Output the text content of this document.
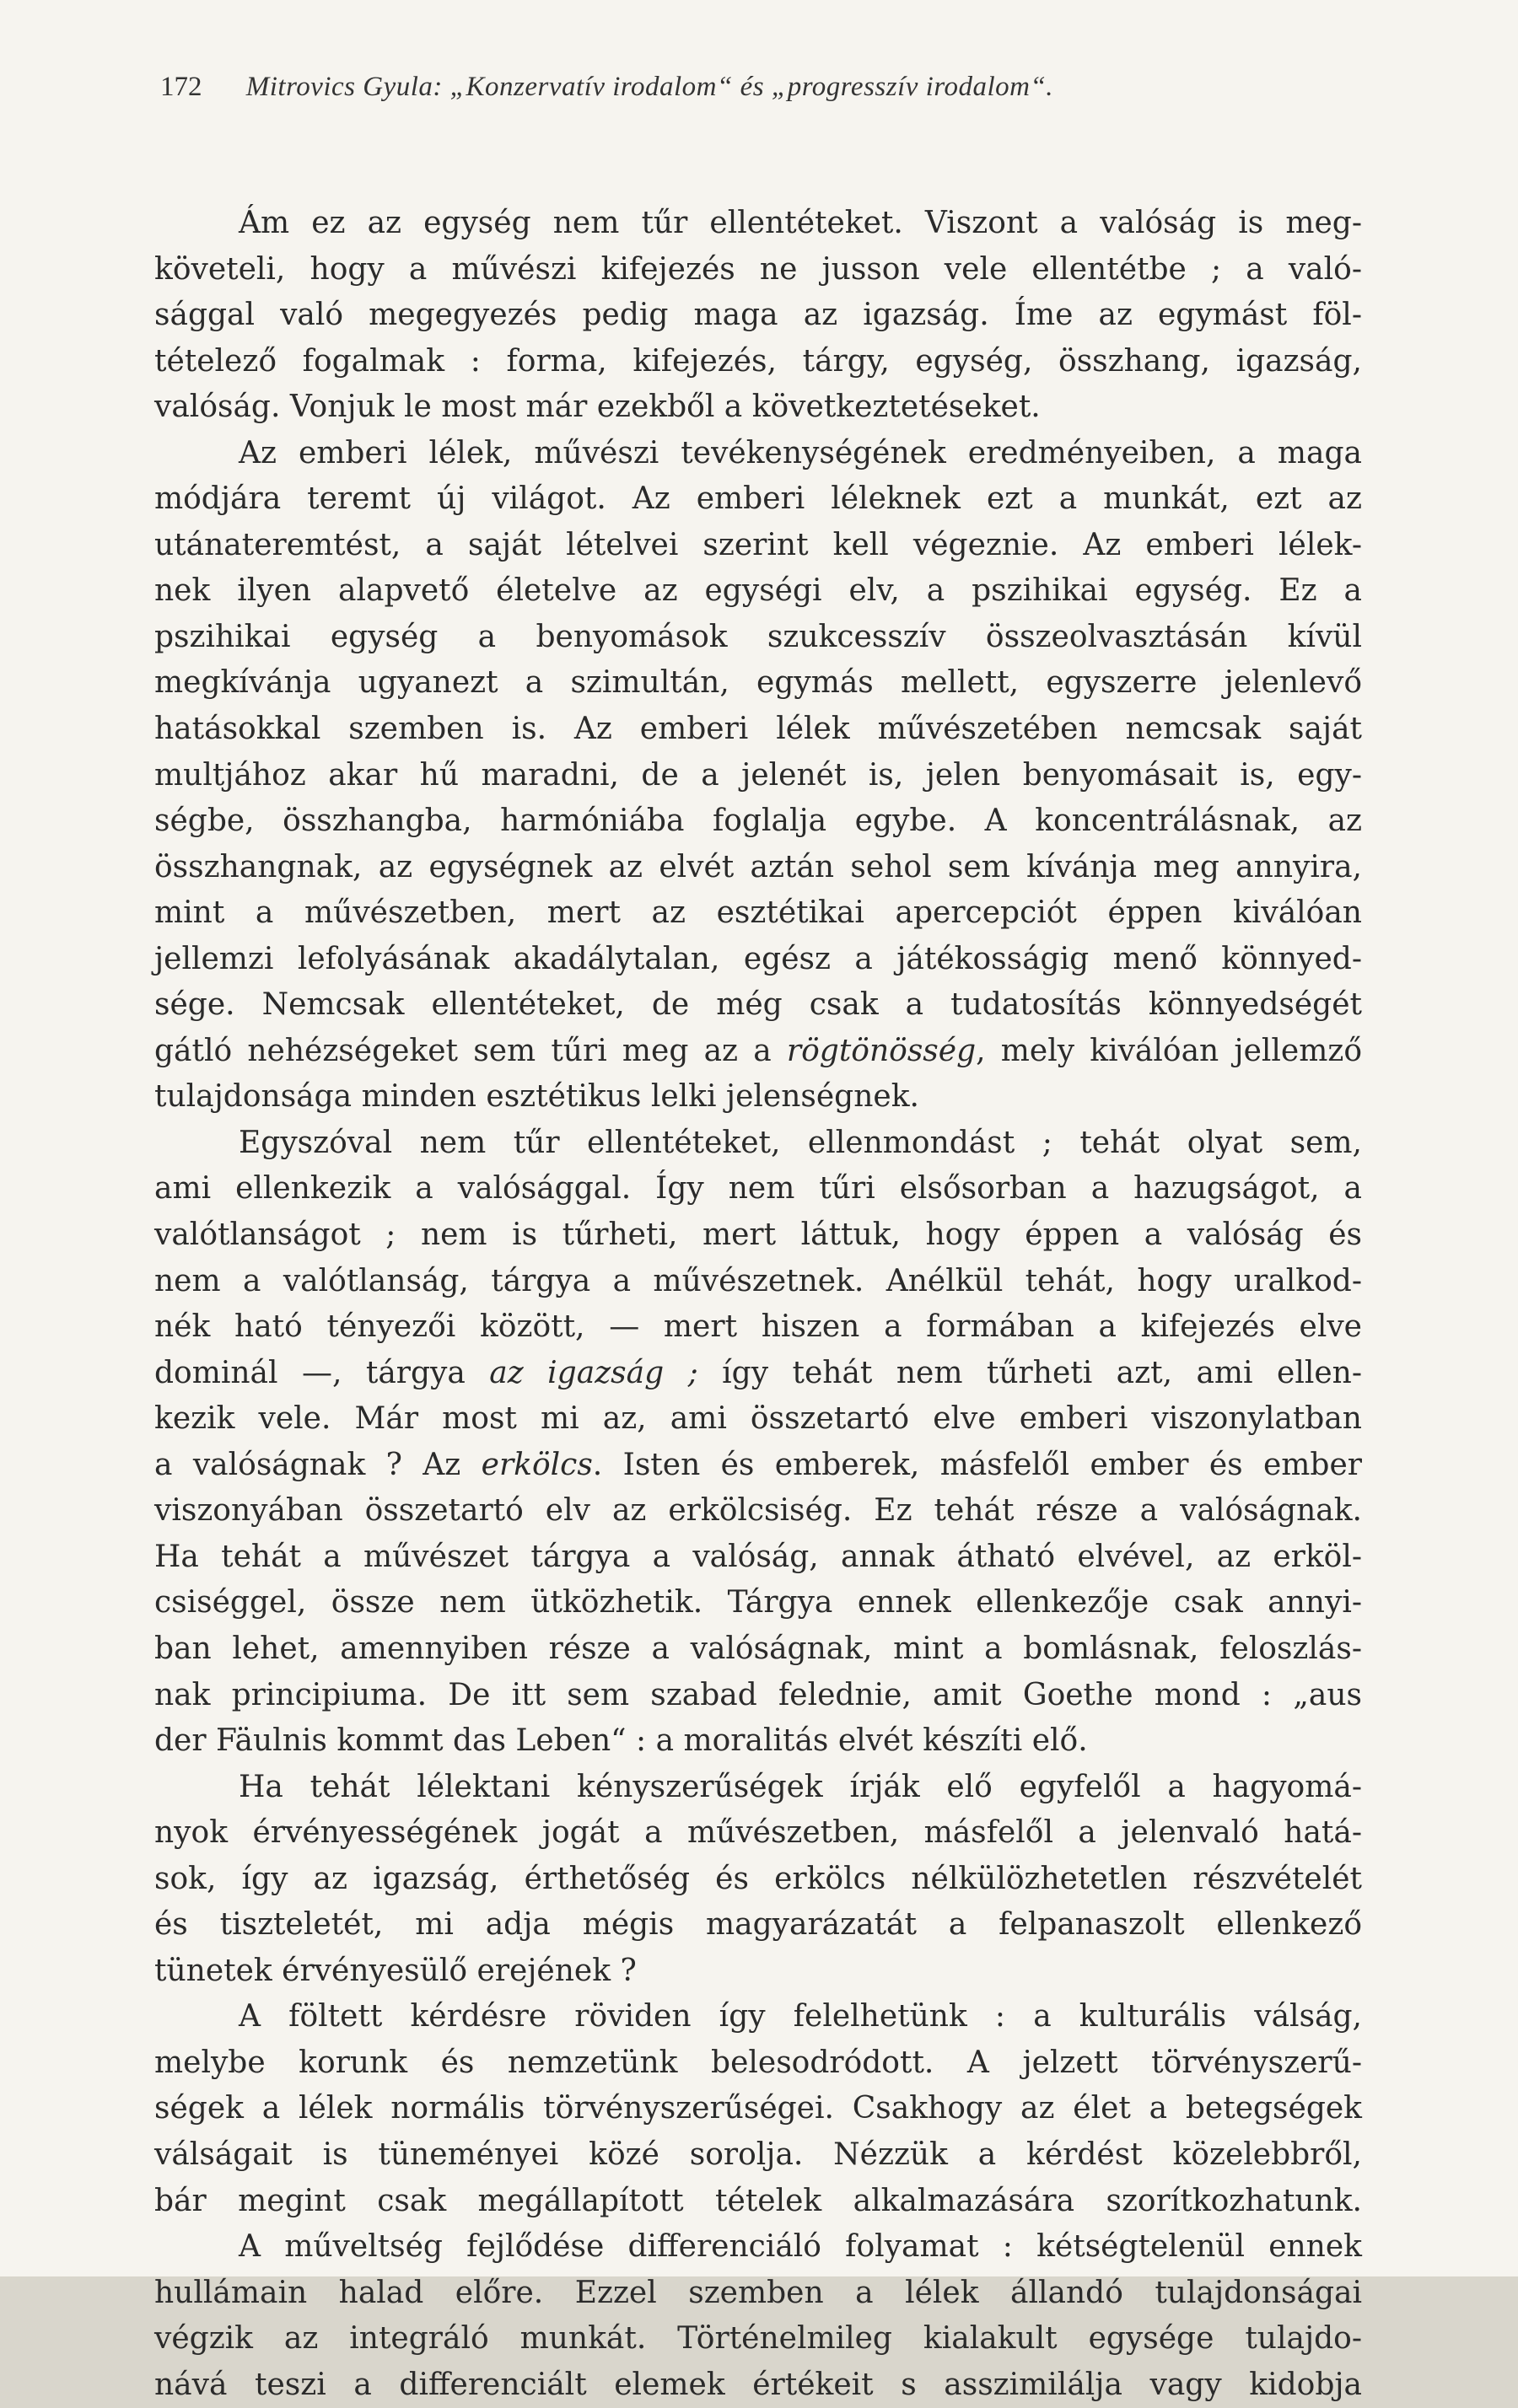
172 Mitrovics Gyula: „Konzervatív irodalom“ és „progresszív irodalom“.
Ám ez az egység nem tűr ellentéteket. Viszont a valóság is meg-
követeli, hogy a művészi kifejezés ne jusson vele ellentétbe ; a való-
sággal való megegyezés pedig maga az igazság. Íme az egymást föl-
tételező fogalmak : forma, kifejezés, tárgy, egység, összhang, igazság,
valóság. Vonjuk le most már ezekből a következtetéseket.
Az emberi lélek, művészi tevékenységének eredményeiben, a maga
módjára teremt új világot. Az emberi léleknek ezt a munkát, ezt az
utánateremtést, a saját lételvei szerint kell végeznie. Az emberi lélek-
nek ilyen alapvető életelve az egységi elv, a pszihikai egység. Ez a
pszihikai egység a benyomások szukcesszív összeolvasztásán kívül
megkívánja ugyanezt a szimultán, egymás mellett, egyszerre jelenlevő
hatásokkal szemben is. Az emberi lélek művészetében nemcsak saját
multjához akar hű maradni, de a jelenét is, jelen benyomásait is, egy-
ségbe, összhangba, harmóniába foglalja egybe. A koncentrálásnak, az
összhangnak, az egységnek az elvét aztán sehol sem kívánja meg annyira,
mint a művészetben, mert az esztétikai apercepciót éppen kiválóan
jellemzi lefolyásának akadálytalan, egész a játékosságig menő könnyed-
sége. Nemcsak ellentéteket, de még csak a tudatosítás könnyedségét
gátló nehézségeket sem tűri meg az a rögtönösség, mely kiválóan jellemző
tulajdonsága minden esztétikus lelki jelenségnek.
Egyszóval nem tűr ellentéteket, ellenmondást ; tehát olyat sem,
ami ellenkezik a valósággal. Így nem tűri elsősorban a hazugságot, a
valótlanságot ; nem is tűrheti, mert láttuk, hogy éppen a valóság és
nem a valótlanság, tárgya a művészetnek. Anélkül tehát, hogy uralkod-
nék ható tényezői között, — mert hiszen a formában a kifejezés elve
dominál —, tárgya az igazság ; így tehát nem tűrheti azt, ami ellen-
kezik vele. Már most mi az, ami összetartó elve emberi viszonylatban
a valóságnak ? Az erkölcs. Isten és emberek, másfelől ember és ember
viszonyában összetartó elv az erkölcsiség. Ez tehát része a valóságnak.
Ha tehát a művészet tárgya a valóság, annak átható elvével, az erköl-
csiséggel, össze nem ütközhetik. Tárgya ennek ellenkezője csak annyi-
ban lehet, amennyiben része a valóságnak, mint a bomlásnak, feloszlás-
nak principiuma. De itt sem szabad feledniе, amit Goethe mond : „aus
der Fäulnis kommt das Leben“ : a moralitás elvét készíti elő.
Ha tehát lélektani kényszerűségek írják elő egyfelől a hagyomá-
nyok érvényességének jogát a művészetben, másfelől a jelenvaló hatá-
sok, így az igazság, érthetőség és erkölcs nélkülözhetetlen részvételét
és tiszteletét, mi adja mégis magyarázatát a felpanaszolt ellenkező
tünetek érvényesülő erejének ?
A föltett kérdésre röviden így felelhetünk : a kulturális válság,
melybe korunk és nemzetünk belesodródott. A jelzett törvényszerű-
ségek a lélek normális törvényszerűségei. Csakhogy az élet a betegségek
válságait is tüneményei közé sorolja. Nézzük a kérdést közelebbről,
bár megint csak megállapított tételek alkalmazására szorítkozhatunk.
A műveltség fejlődése differenciáló folyamat : kétségtelenül ennek
hullámain halad előre. Ezzel szemben a lélek állandó tulajdonságai
végzik az integráló munkát. Történelmileg kialakult egysége tulajdo-
nává teszi a differenciált elemek értékeit s asszimilálja vagy kidobja
